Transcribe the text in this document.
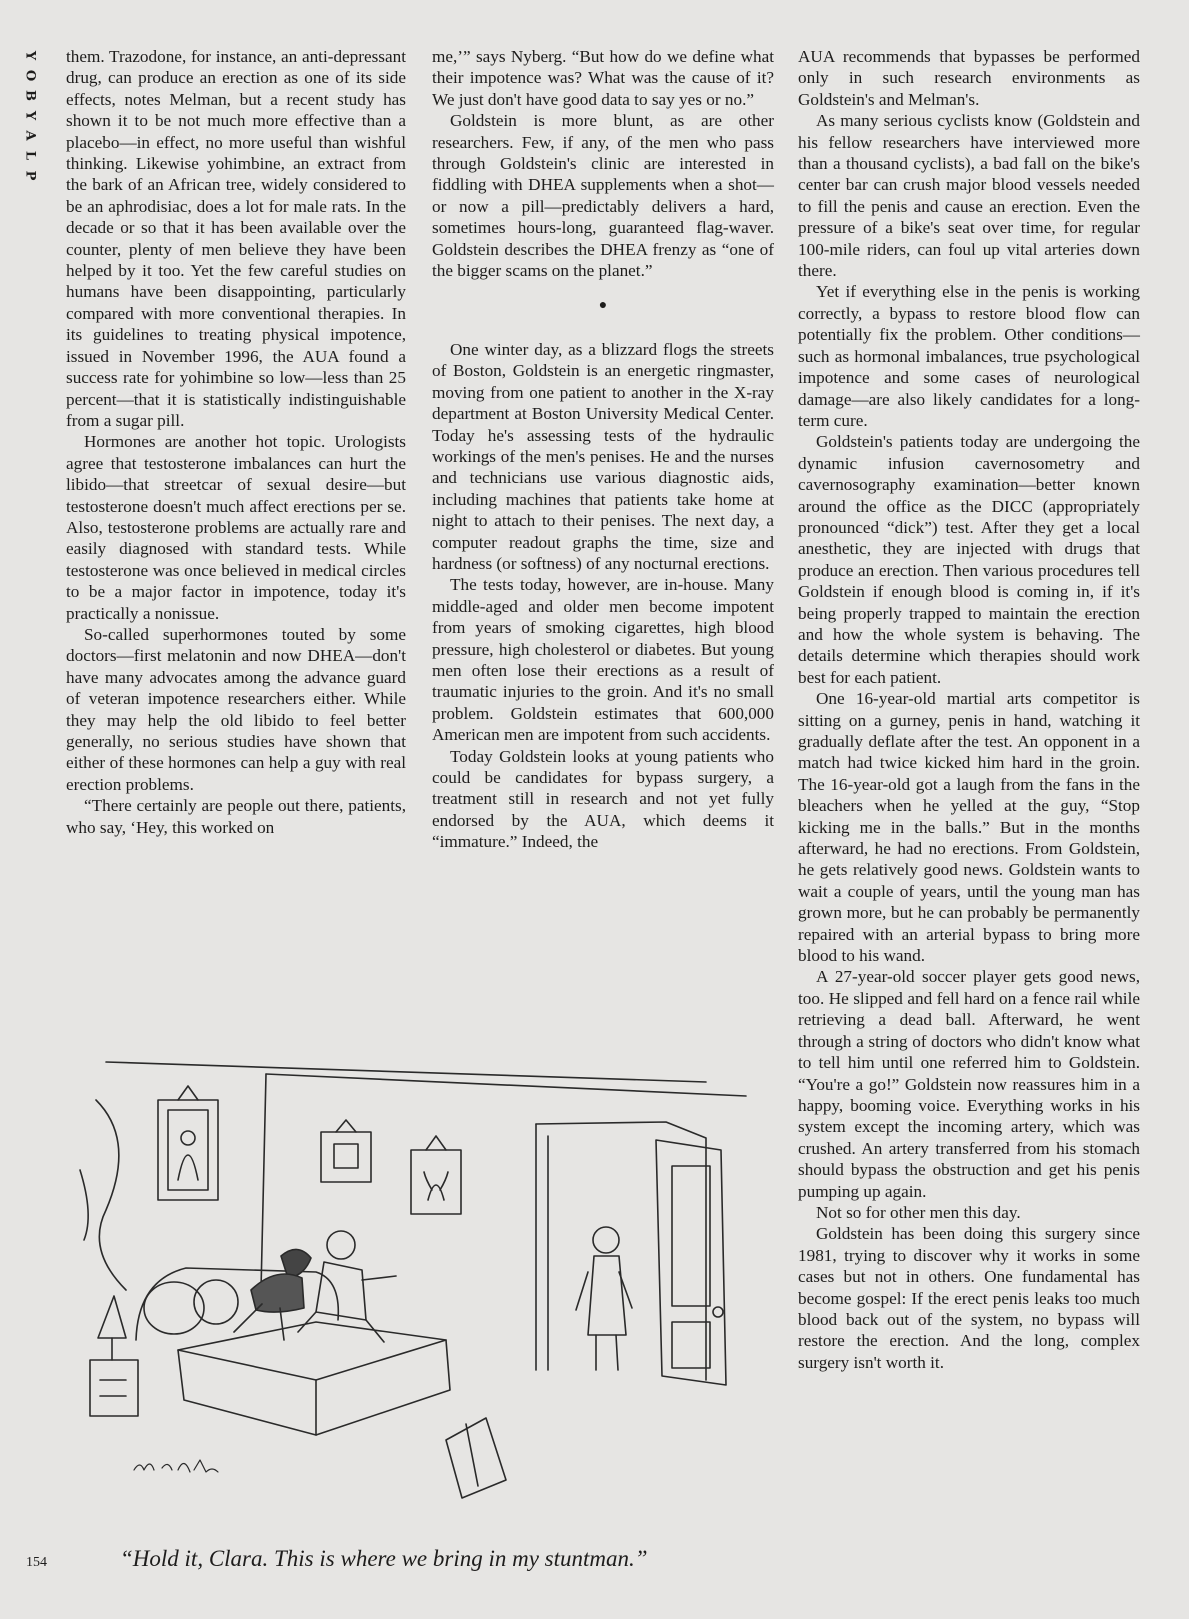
Y
O
B
Y
A
L
P

them. Trazodone, for instance, an anti-depressant drug, can produce an erection as one of its side effects, notes Melman, but a recent study has shown it to be not much more effective than a placebo—in effect, no more useful than wishful thinking. Likewise yohimbine, an extract from the bark of an African tree, widely considered to be an aphrodisiac, does a lot for male rats. In the decade or so that it has been available over the counter, plenty of men believe they have been helped by it too. Yet the few careful studies on humans have been disappointing, particularly compared with more conventional therapies. In its guidelines to treating physical impotence, issued in November 1996, the AUA found a success rate for yohimbine so low—less than 25 percent—that it is statistically indistinguishable from a sugar pill.

Hormones are another hot topic. Urologists agree that testosterone imbalances can hurt the libido—that streetcar of sexual desire—but testosterone doesn't much affect erections per se. Also, testosterone problems are actually rare and easily diagnosed with standard tests. While testosterone was once believed in medical circles to be a major factor in impotence, today it's practically a nonissue.

So-called superhormones touted by some doctors—first melatonin and now DHEA—don't have many advocates among the advance guard of veteran impotence researchers either. While they may help the old libido to feel better generally, no serious studies have shown that either of these hormones can help a guy with real erection problems.

“There certainly are people out there, patients, who say, ‘Hey, this worked on

me,’” says Nyberg. “But how do we define what their impotence was? What was the cause of it? We just don't have good data to say yes or no.”

Goldstein is more blunt, as are other researchers. Few, if any, of the men who pass through Goldstein's clinic are interested in fiddling with DHEA supplements when a shot—or now a pill—predictably delivers a hard, sometimes hours-long, guaranteed flag-waver. Goldstein describes the DHEA frenzy as “one of the bigger scams on the planet.”

●

One winter day, as a blizzard flogs the streets of Boston, Goldstein is an energetic ringmaster, moving from one patient to another in the X-ray department at Boston University Medical Center. Today he's assessing tests of the hydraulic workings of the men's penises. He and the nurses and technicians use various diagnostic aids, including machines that patients take home at night to attach to their penises. The next day, a computer readout graphs the time, size and hardness (or softness) of any nocturnal erections.

The tests today, however, are in-house. Many middle-aged and older men become impotent from years of smoking cigarettes, high blood pressure, high cholesterol or diabetes. But young men often lose their erections as a result of traumatic injuries to the groin. And it's no small problem. Goldstein estimates that 600,000 American men are impotent from such accidents.

Today Goldstein looks at young patients who could be candidates for bypass surgery, a treatment still in research and not yet fully endorsed by the AUA, which deems it “immature.” Indeed, the

AUA recommends that bypasses be performed only in such research environments as Goldstein's and Melman's.

As many serious cyclists know (Goldstein and his fellow researchers have interviewed more than a thousand cyclists), a bad fall on the bike's center bar can crush major blood vessels needed to fill the penis and cause an erection. Even the pressure of a bike's seat over time, for regular 100-mile riders, can foul up vital arteries down there.

Yet if everything else in the penis is working correctly, a bypass to restore blood flow can potentially fix the problem. Other conditions—such as hormonal imbalances, true psychological impotence and some cases of neurological damage—are also likely candidates for a long-term cure.

Goldstein's patients today are undergoing the dynamic infusion cavernosometry and cavernosography examination—better known around the office as the DICC (appropriately pronounced “dick”) test. After they get a local anesthetic, they are injected with drugs that produce an erection. Then various procedures tell Goldstein if enough blood is coming in, if it's being properly trapped to maintain the erection and how the whole system is behaving. The details determine which therapies should work best for each patient.

One 16-year-old martial arts competitor is sitting on a gurney, penis in hand, watching it gradually deflate after the test. An opponent in a match had twice kicked him hard in the groin. The 16-year-old got a laugh from the fans in the bleachers when he yelled at the guy, “Stop kicking me in the balls.” But in the months afterward, he had no erections. From Goldstein, he gets relatively good news. Goldstein wants to wait a couple of years, until the young man has grown more, but he can probably be permanently repaired with an arterial bypass to bring more blood to his wand.

A 27-year-old soccer player gets good news, too. He slipped and fell hard on a fence rail while retrieving a dead ball. Afterward, he went through a string of doctors who didn't know what to tell him until one referred him to Goldstein. “You're a go!” Goldstein now reassures him in a happy, booming voice. Everything works in his system except the incoming artery, which was crushed. An artery transferred from his stomach should bypass the obstruction and get his penis pumping up again.

Not so for other men this day.

Goldstein has been doing this surgery since 1981, trying to discover why it works in some cases but not in others. One fundamental has become gospel: If the erect penis leaks too much blood back out of the system, no bypass will restore the erection. And the long, complex surgery isn't worth it.

“Hold it, Clara. This is where we bring in my stuntman.”
154
